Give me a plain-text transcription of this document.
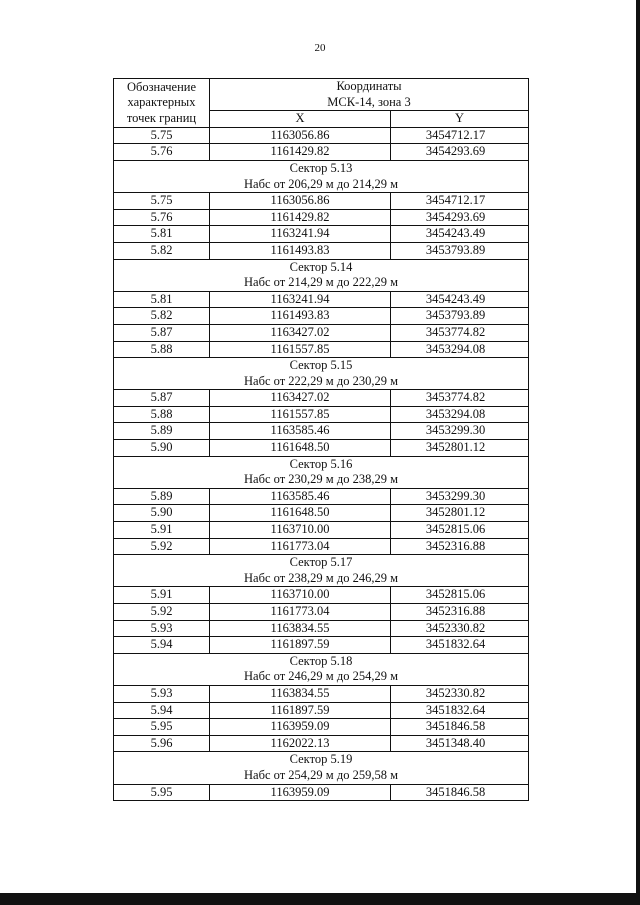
20
Обозначение
характерных
точек границ	Координаты	

	МСК-14, зона 3	

	X	Y
5.75	1163056.86	3454712.17
5.76	1161429.82	3454293.69

Сектор 5.13
Набс от 206,29 м до 214,29 м		

5.75	1163056.86	3454712.17
5.76	1161429.82	3454293.69
5.81	1163241.94	3454243.49
5.82	1161493.83	3453793.89

Сектор 5.14
Набс от 214,29 м до 222,29 м		

5.81	1163241.94	3454243.49
5.82	1161493.83	3453793.89
5.87	1163427.02	3453774.82
5.88	1161557.85	3453294.08

Сектор 5.15
Набс от 222,29 м до 230,29 м		

5.87	1163427.02	3453774.82
5.88	1161557.85	3453294.08
5.89	1163585.46	3453299.30
5.90	1161648.50	3452801.12

Сектор 5.16
Набс от 230,29 м до 238,29 м		

5.89	1163585.46	3453299.30
5.90	1161648.50	3452801.12
5.91	1163710.00	3452815.06
5.92	1161773.04	3452316.88

Сектор 5.17
Набс от 238,29 м до 246,29 м		

5.91	1163710.00	3452815.06
5.92	1161773.04	3452316.88
5.93	1163834.55	3452330.82
5.94	1161897.59	3451832.64

Сектор 5.18
Набс от 246,29 м до 254,29 м		

5.93	1163834.55	3452330.82
5.94	1161897.59	3451832.64
5.95	1163959.09	3451846.58
5.96	1162022.13	3451348.40

Сектор 5.19
Набс от 254,29 м до 259,58 м		

5.95	1163959.09	3451846.58
